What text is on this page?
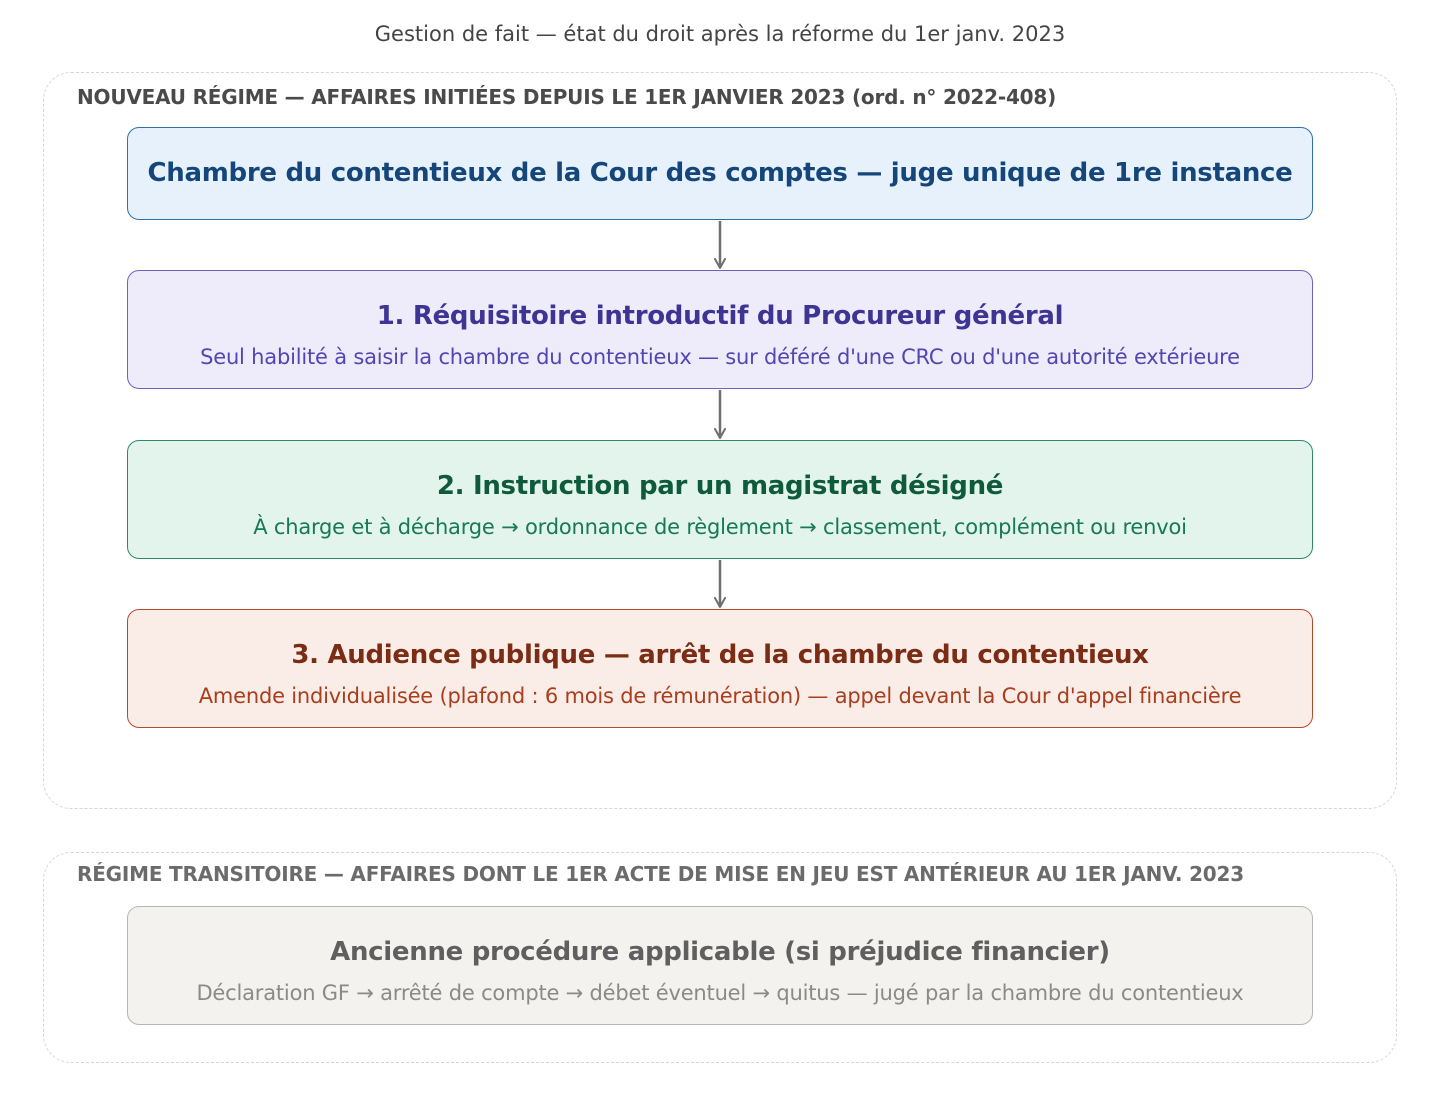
Gestion de fait — état du droit après la réforme du 1er janv. 2023
NOUVEAU RÉGIME — AFFAIRES INITIÉES DEPUIS LE 1ER JANVIER 2023 (ord. n° 2022-408)
RÉGIME TRANSITOIRE — AFFAIRES DONT LE 1ER ACTE DE MISE EN JEU EST ANTÉRIEUR AU 1ER JANV. 2023
Chambre du contentieux de la Cour des comptes — juge unique de 1re instance
1. Réquisitoire introductif du Procureur général
Seul habilité à saisir la chambre du contentieux — sur déféré d'une CRC ou d'une autorité extérieure
2. Instruction par un magistrat désigné
À charge et à décharge → ordonnance de règlement → classement, complément ou renvoi
3. Audience publique — arrêt de la chambre du contentieux
Amende individualisée (plafond : 6 mois de rémunération) — appel devant la Cour d'appel financière
Ancienne procédure applicable (si préjudice financier)
Déclaration GF → arrêté de compte → débet éventuel → quitus — jugé par la chambre du contentieux
